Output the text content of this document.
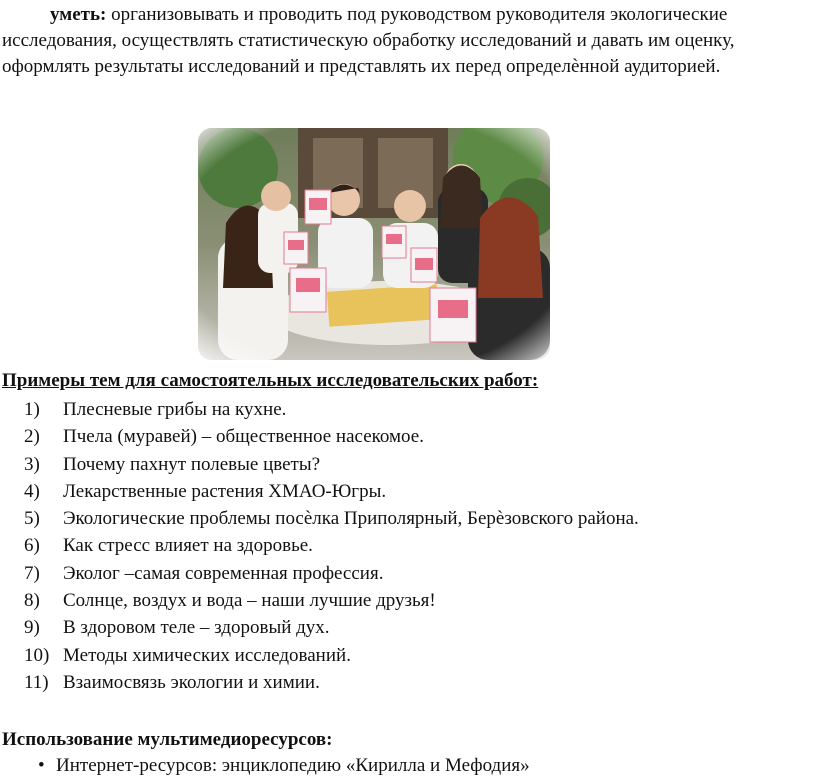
уметь: организовывать и проводить под руководством руководителя экологические исследования, осуществлять статистическую обработку исследований и давать им оценку, оформлять результаты исследований и представлять их перед определѐнной аудиторией.

Примеры тем для самостоятельных исследовательских работ:

1)	Плесневые грибы на кухне.
2)	Пчела (муравей) – общественное насекомое.
3)	Почему пахнут полевые цветы?
4)	Лекарственные растения ХМАО-Югры.
5)	Экологические проблемы посѐлка Приполярный, Берѐзовского района.
6)	Как стресс влияет на здоровье.
7)	Эколог –самая современная профессия.
8)	Солнце, воздух и вода – наши лучшие друзья!
9)	В здоровом теле – здоровый дух.
10) Методы химических исследований.
11) Взаимосвязь экологии и химии.

Использование мультимедиоресурсов:

• Интернет-ресурсов: энциклопедию «Кирилла и Мефодия»
